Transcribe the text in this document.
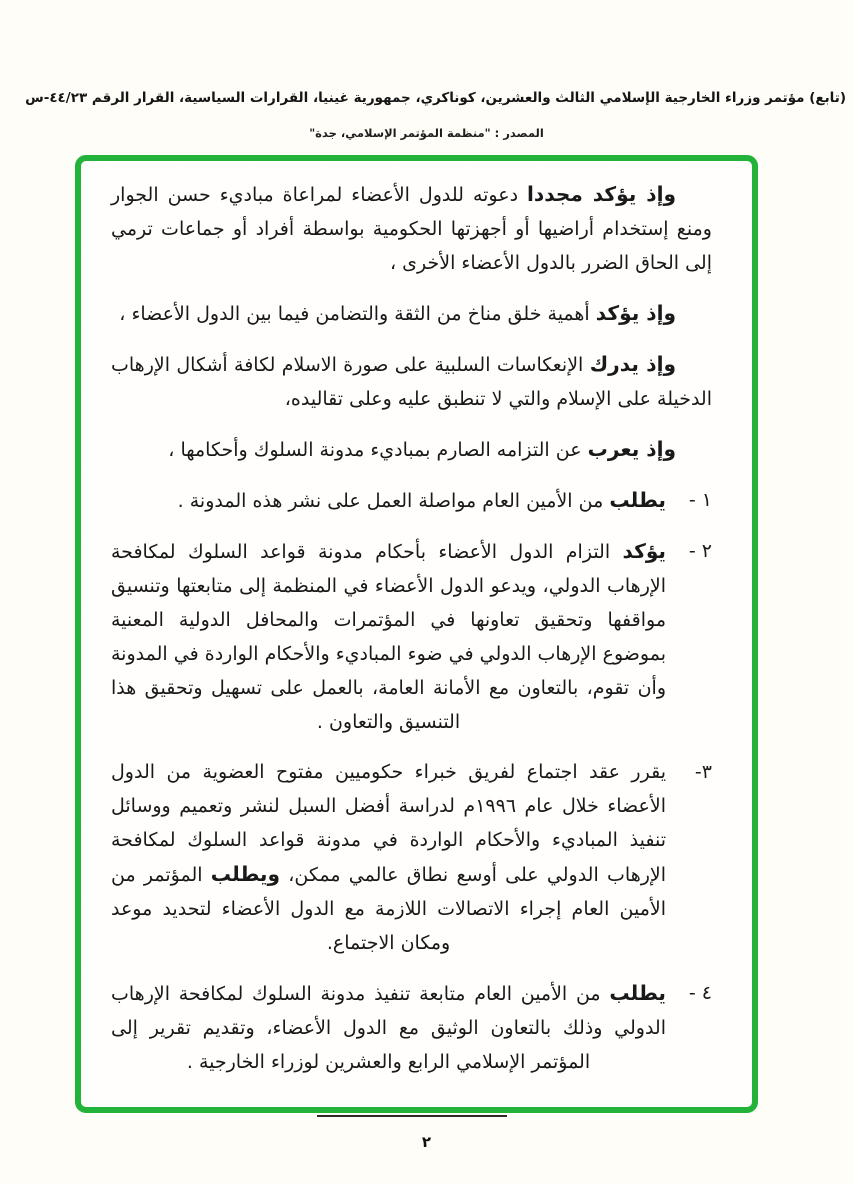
(تابع) مؤتمر وزراء الخارجية الإسلامي الثالث والعشرين، كوناكري، جمهورية غينيا، القرارات السياسية، القرار الرقم ٤٤/٢٣-س
المصدر : "منظمة المؤتمر الإسلامي، جدة"

وإذ يؤكد مجددا دعوته للدول الأعضاء لمراعاة مباديء حسن الجوار ومنع إستخدام أراضيها أو أجهزتها الحكومية بواسطة أفراد أو جماعات ترمي إلى الحاق الضرر بالدول الأعضاء الأخرى ،

وإذ يؤكد أهمية خلق مناخ من الثقة والتضامن فيما بين الدول الأعضاء ،

وإذ يدرك الإنعكاسات السلبية على صورة الاسلام لكافة أشكال الإرهاب الدخيلة على الإسلام والتي لا تنطبق عليه وعلى تقاليده،

وإذ يعرب عن التزامه الصارم بمباديء مدونة السلوك وأحكامها ،

١ -
يطلب من الأمين العام مواصلة العمل على نشر هذه المدونة .
٢ -
يؤكد التزام الدول الأعضاء بأحكام مدونة قواعد السلوك لمكافحة الإرهاب الدولي، ويدعو الدول الأعضاء في المنظمة إلى متابعتها وتنسيق مواقفها وتحقيق تعاونها في المؤتمرات والمحافل الدولية المعنية بموضوع الإرهاب الدولي في ضوء المباديء والأحكام الواردة في المدونة وأن تقوم، بالتعاون مع الأمانة العامة، بالعمل على تسهيل وتحقيق هذا التنسيق والتعاون .
٣-
يقرر عقد اجتماع لفريق خبراء حكوميين مفتوح العضوية من الدول الأعضاء خلال عام ١٩٩٦م لدراسة أفضل السبل لنشر وتعميم ووسائل تنفيذ المباديء والأحكام الواردة في مدونة قواعد السلوك لمكافحة الإرهاب الدولي على أوسع نطاق عالمي ممكن، ويطلب المؤتمر من الأمين العام إجراء الاتصالات اللازمة مع الدول الأعضاء لتحديد موعد ومكان الاجتماع.
٤ -
يطلب من الأمين العام متابعة تنفيذ مدونة السلوك لمكافحة الإرهاب الدولي وذلك بالتعاون الوثيق مع الدول الأعضاء، وتقديم تقرير إلى المؤتمر الإسلامي الرابع والعشرين لوزراء الخارجية .
٢
